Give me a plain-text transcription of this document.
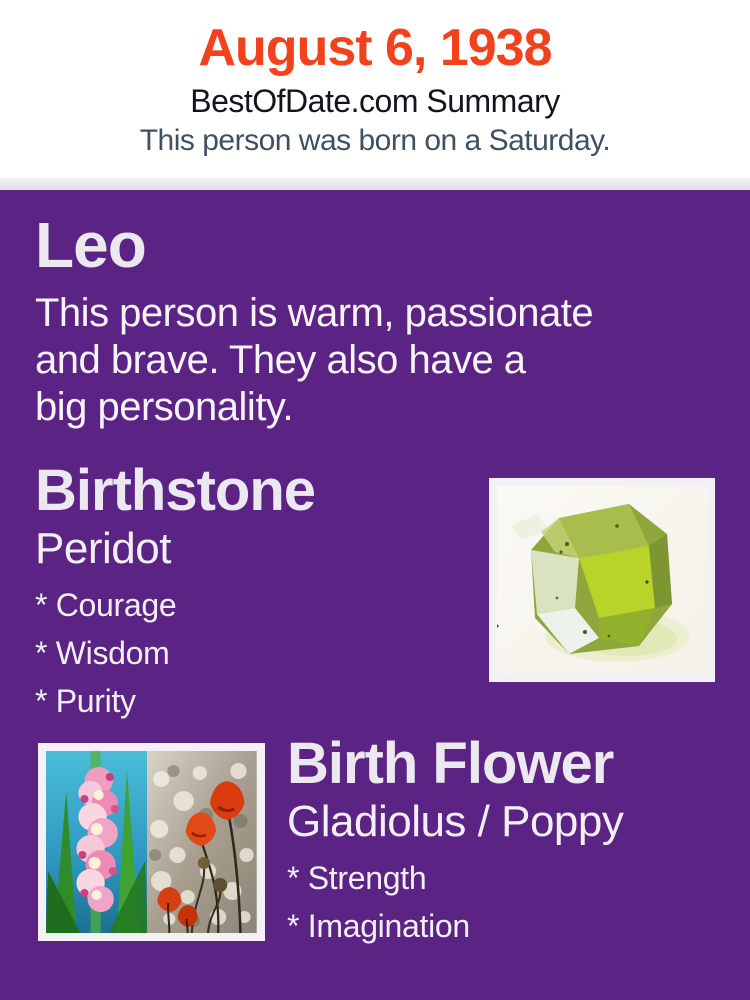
August 6, 1938

BestOfDate.com Summary

This person was born on a Saturday.

Leo
This person is warm, passionate
and brave. They also have a
big personality.
Birthstone

Peridot

* Courage

* Wisdom

* Purity

Birth Flower

Gladiolus / Poppy

* Strength

* Imagination
